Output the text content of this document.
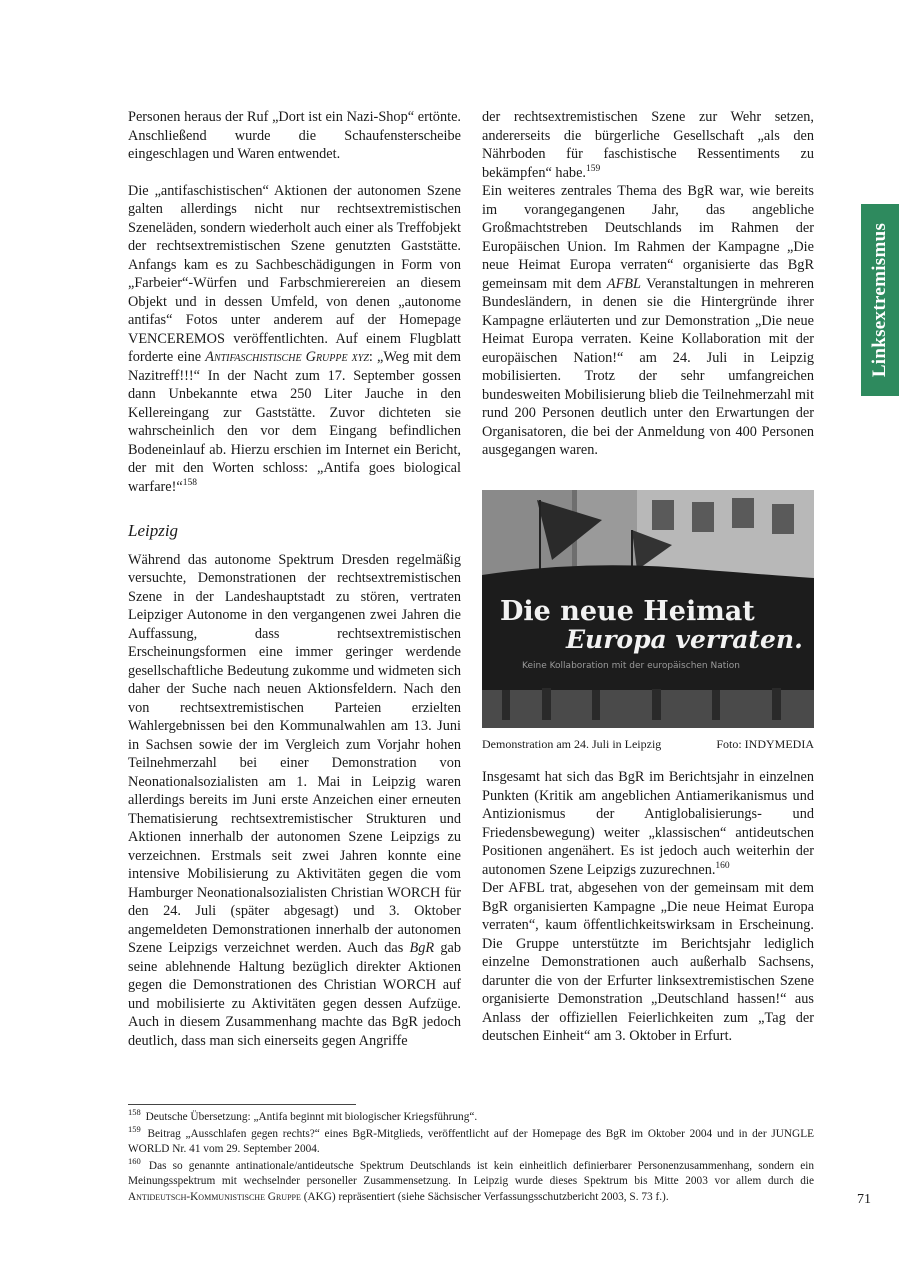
Linksextremismus

Personen heraus der Ruf „Dort ist ein Nazi-Shop“ ertönte. Anschließend wurde die Schaufensterscheibe eingeschlagen und Waren entwendet.

Die „antifaschistischen“ Aktionen der autonomen Szene galten allerdings nicht nur rechtsextremistischen Szeneläden, sondern wiederholt auch einer als Treffobjekt der rechtsextremistischen Szene genutzten Gaststätte. Anfangs kam es zu Sachbeschädigungen in Form von „Farbeier“-Würfen und Farbschmierereien an diesem Objekt und in dessen Umfeld, von denen „autonome antifas“ Fotos unter anderem auf der Homepage VENCEREMOS veröffentlichten. Auf einem Flugblatt forderte eine Antifaschistische Gruppe xyz: „Weg mit dem Nazitreff!!!“ In der Nacht zum 17. September gossen dann Unbekannte etwa 250 Liter Jauche in den Kellereingang zur Gaststätte. Zuvor dichteten sie wahrscheinlich den vor dem Eingang befindlichen Bodeneinlauf ab. Hierzu erschien im Internet ein Bericht, der mit den Worten schloss: „Antifa goes biological warfare!“$^{158}$

Leipzig

Während das autonome Spektrum Dresden regelmäßig versuchte, Demonstrationen der rechtsextremistischen Szene in der Landeshauptstadt zu stören, vertraten Leipziger Autonome in den vergangenen zwei Jahren die Auffassung, dass rechtsextremistischen Erscheinungsformen eine immer geringer werdende gesellschaftliche Bedeutung zukomme und widmeten sich daher der Suche nach neuen Aktionsfeldern. Nach den von rechtsextremistischen Parteien erzielten Wahlergebnissen bei den Kommunalwahlen am 13. Juni in Sachsen sowie der im Vergleich zum Vorjahr hohen Teilnehmerzahl bei einer Demonstration von Neonationalsozialisten am 1. Mai in Leipzig waren allerdings bereits im Juni erste Anzeichen einer erneuten Thematisierung rechtsextremistischer Strukturen und Aktionen innerhalb der autonomen Szene Leipzigs zu verzeichnen. Erstmals seit zwei Jahren konnte eine intensive Mobilisierung zu Aktivitäten gegen die vom Hamburger Neonationalsozialisten Christian WORCH für den 24. Juli (später abgesagt) und 3. Oktober angemeldeten Demonstrationen innerhalb der autonomen Szene Leipzigs verzeichnet werden. Auch das BgR gab seine ablehnende Haltung bezüglich direkter Aktionen gegen die Demonstrationen des Christian WORCH auf und mobilisierte zu Aktivitäten gegen dessen Aufzüge. Auch in diesem Zusammenhang machte das BgR jedoch deutlich, dass man sich einerseits gegen Angriffe

der rechtsextremistischen Szene zur Wehr setzen, andererseits die bürgerliche Gesellschaft „als den Nährboden für faschistische Ressentiments zu bekämpfen“ habe.$^{159}$

Ein weiteres zentrales Thema des BgR war, wie bereits im vorangegangenen Jahr, das angebliche Großmachtstreben Deutschlands im Rahmen der Europäischen Union. Im Rahmen der Kampagne „Die neue Heimat Europa verraten“ organisierte das BgR gemeinsam mit dem AFBL Veranstaltungen in mehreren Bundesländern, in denen sie die Hintergründe ihrer Kampagne erläuterten und zur Demonstration „Die neue Heimat Europa verraten. Keine Kollaboration mit der europäischen Nation!“ am 24. Juli in Leipzig mobilisierten. Trotz der sehr umfangreichen bundesweiten Mobilisierung blieb die Teilnehmerzahl mit rund 200 Personen deutlich unter den Erwartungen der Organisatoren, die bei der Anmeldung von 400 Personen ausgegangen waren.

Die neue Heimat
Europa verraten.
Keine Kollaboration mit der europäischen Nation
Demonstration am 24. Juli in Leipzig	Foto: INDYMEDIA

Insgesamt hat sich das BgR im Berichtsjahr in einzelnen Punkten (Kritik am angeblichen Antiamerikanismus und Antizionismus der Antiglobalisierungs- und Friedensbewegung) weiter „klassischen“ antideutschen Positionen angenähert. Es ist jedoch auch weiterhin der autonomen Szene Leipzigs zuzurechnen.$^{160}$

Der AFBL trat, abgesehen von der gemeinsam mit dem BgR organisierten Kampagne „Die neue Heimat Europa verraten“, kaum öffentlichkeitswirksam in Erscheinung. Die Gruppe unterstützte im Berichtsjahr lediglich einzelne Demonstrationen auch außerhalb Sachsens, darunter die von der Erfurter linksextremistischen Szene organisierte Demonstration „Deutschland hassen!“ aus Anlass der offiziellen Feierlichkeiten zum „Tag der deutschen Einheit“ am 3. Oktober in Erfurt.

$^{158}$ Deutsche Übersetzung: „Antifa beginnt mit biologischer Kriegsführung“.

$^{159}$ Beitrag „Ausschlafen gegen rechts?“ eines BgR-Mitglieds, veröffentlicht auf der Homepage des BgR im Oktober 2004 und in der JUNGLE WORLD Nr. 41 vom 29. September 2004.

$^{160}$ Das so genannte antinationale/antideutsche Spektrum Deutschlands ist kein einheitlich definierbarer Personenzusammenhang, sondern ein Meinungsspektrum mit wechselnder personeller Zusammensetzung. In Leipzig wurde dieses Spektrum bis Mitte 2003 vor allem durch die Antideutsch-Kommunistische Gruppe (AKG) repräsentiert (siehe Sächsischer Verfassungsschutzbericht 2003, S. 73 f.).	71
